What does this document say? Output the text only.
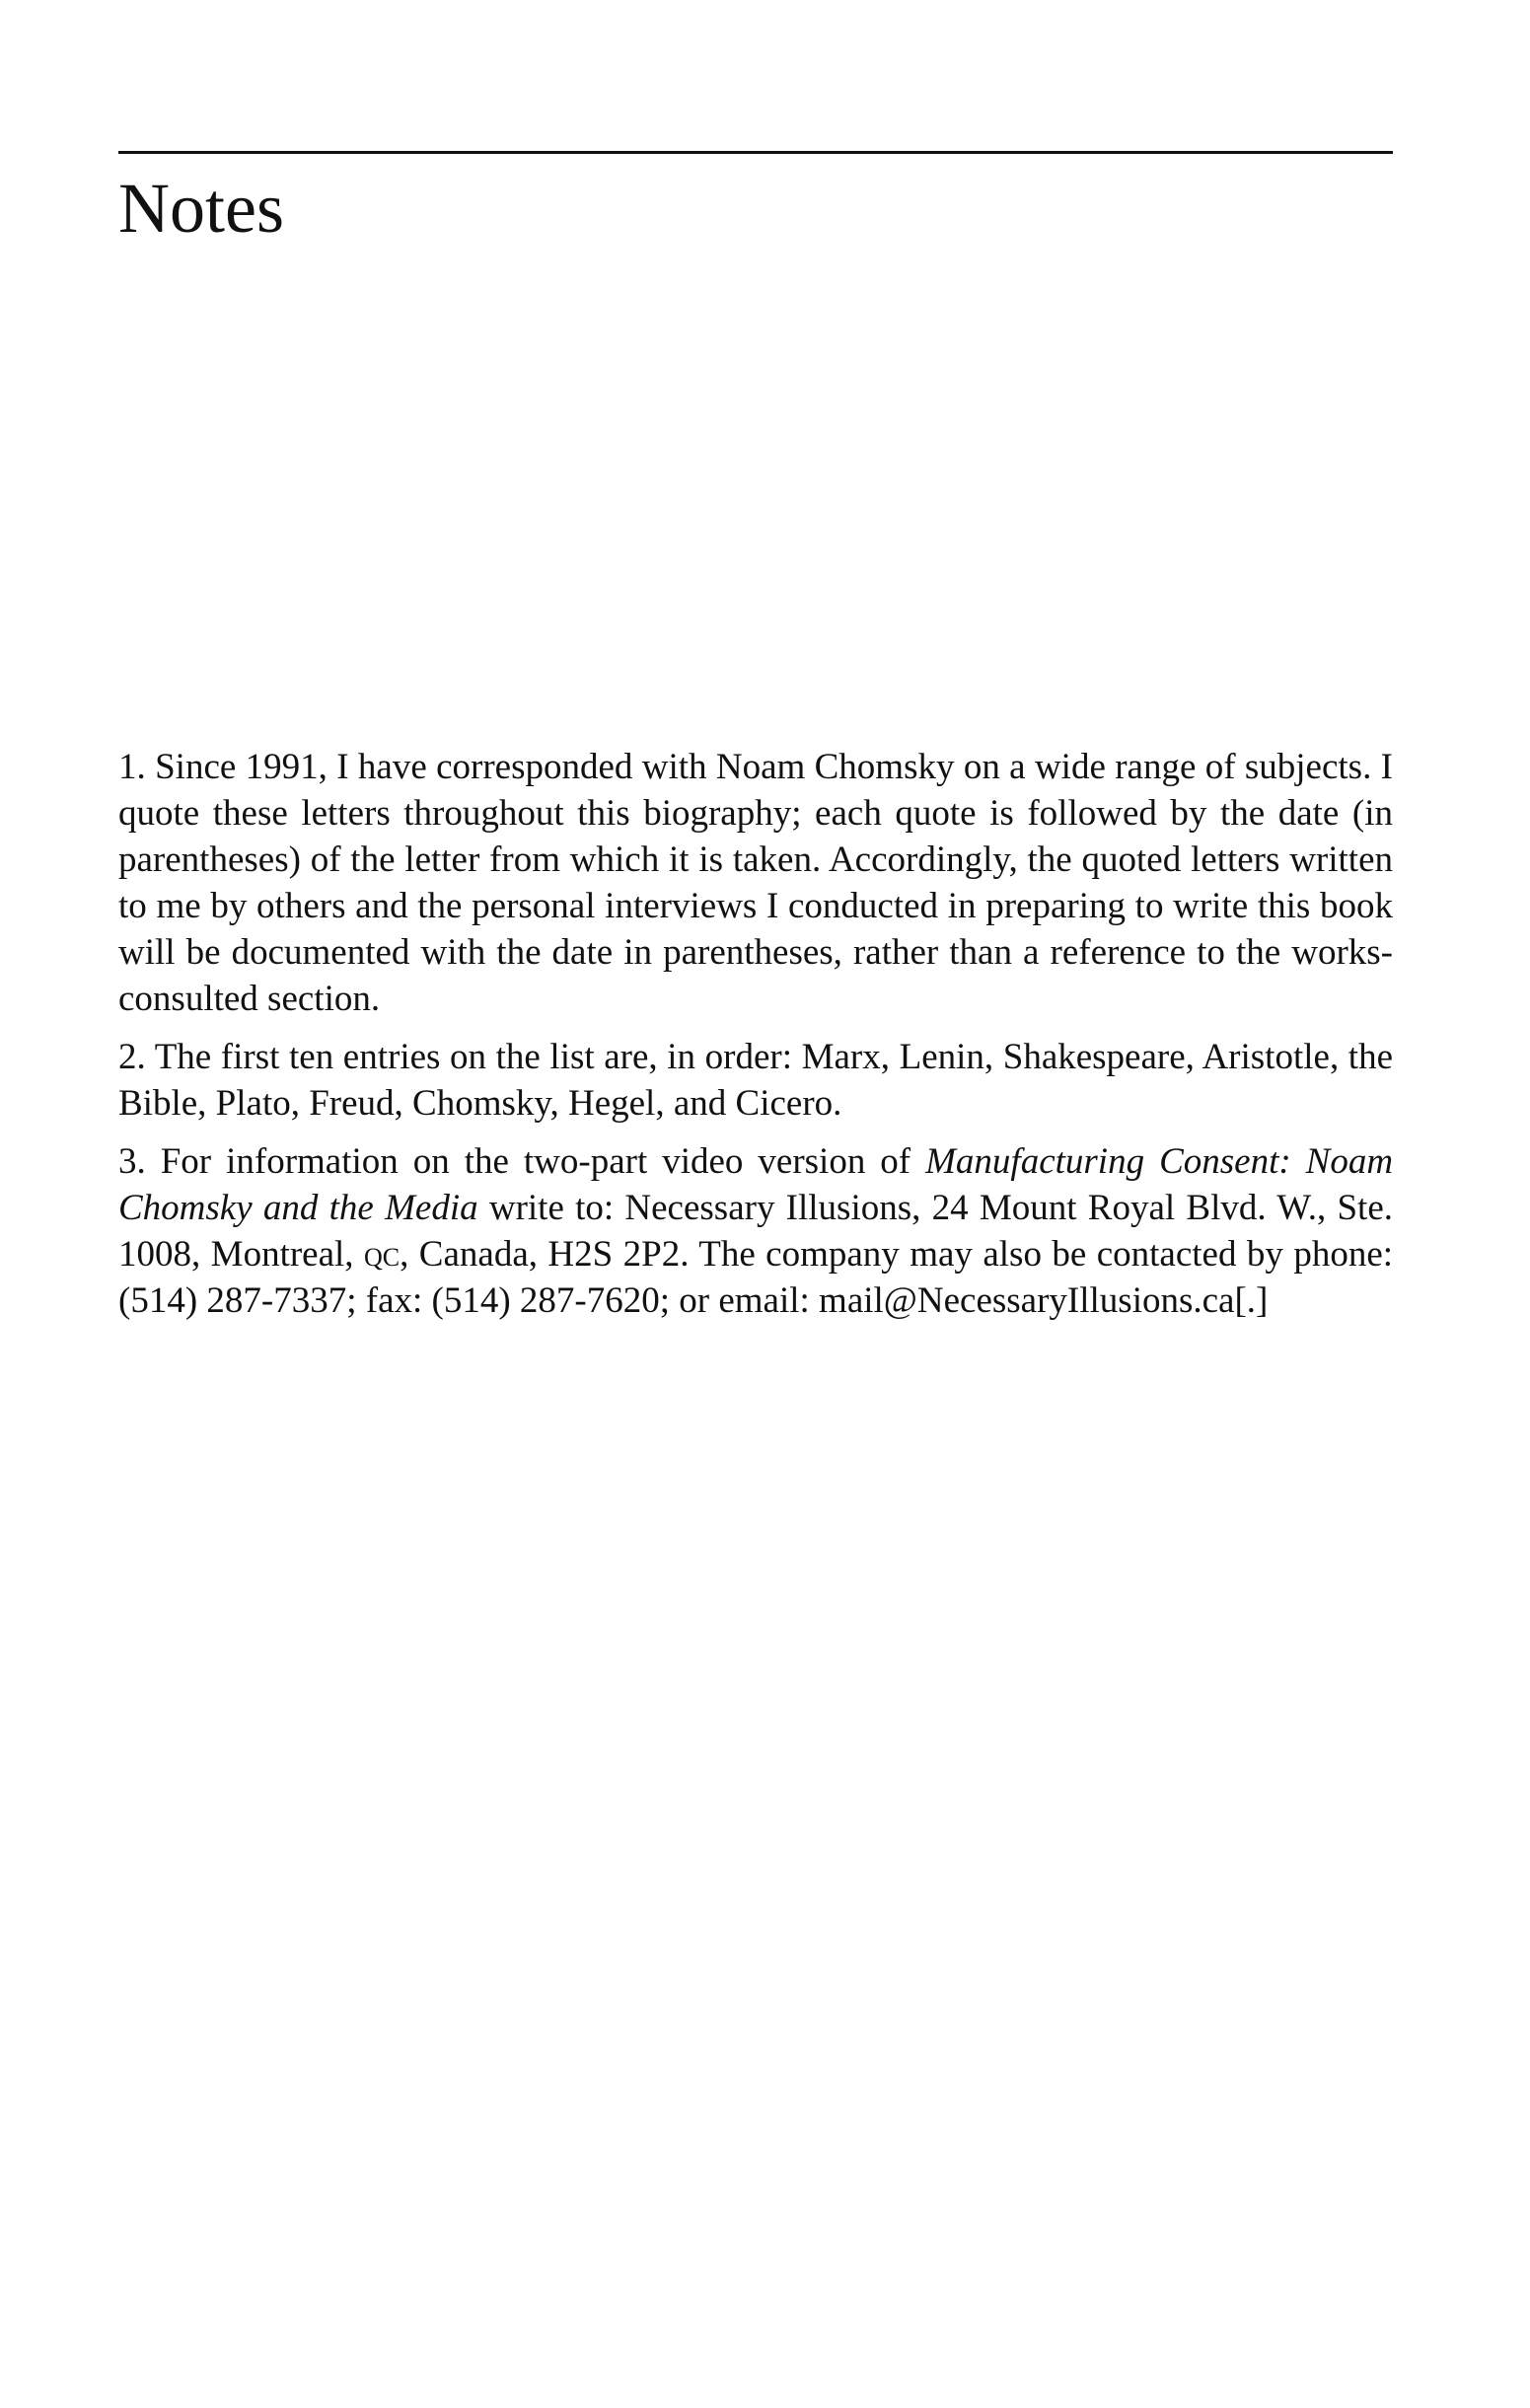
Notes

1. Since 1991, I have corresponded with Noam Chomsky on a wide range of subjects. I quote these letters throughout this biography; each quote is followed by the date (in parentheses) of the letter from which it is taken. Accordingly, the quoted letters written to me by others and the personal interviews I conducted in preparing to write this book will be documented with the date in parentheses, rather than a reference to the works-consulted section.

2. The first ten entries on the list are, in order: Marx, Lenin, Shakespeare, Aristotle, the Bible, Plato, Freud, Chomsky, Hegel, and Cicero.

3. For information on the two-part video version of Manufacturing Consent: Noam Chomsky and the Media write to: Necessary Illusions, 24 Mount Royal Blvd. W., Ste. 1008, Montreal, qc, Canada, H2S 2P2. The company may also be contacted by phone: (514) 287-7337; fax: (514) 287-7620; or email: mail@NecessaryIllusions.ca[.]
